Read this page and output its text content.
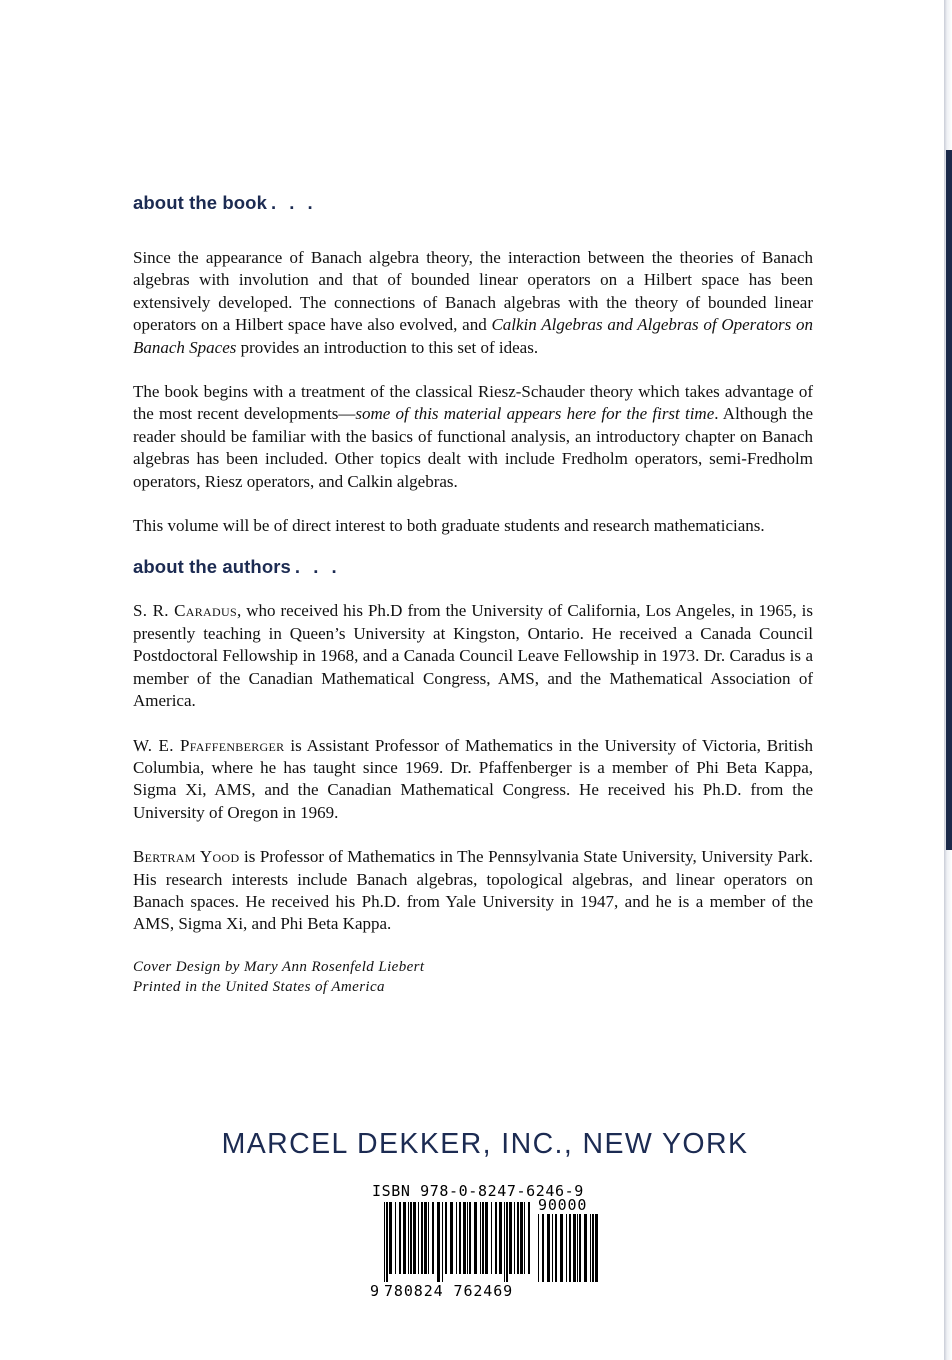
about the book . . .

Since the appearance of Banach algebra theory, the interaction between the theories of Banach algebras with involution and that of bounded linear operators on a Hilbert space has been extensively developed. The connections of Banach algebras with the theory of bounded linear operators on a Hilbert space have also evolved, and Calkin Algebras and Algebras of Operators on Banach Spaces provides an introduction to this set of ideas.

The book begins with a treatment of the classical Riesz-Schauder theory which takes advantage of the most recent developments—some of this material appears here for the first time. Although the reader should be familiar with the basics of functional analysis, an introductory chapter on Banach algebras has been included. Other topics dealt with include Fredholm operators, semi-Fredholm operators, Riesz operators, and Calkin algebras.

This volume will be of direct interest to both graduate students and research mathematicians.

about the authors . . .

S. R. Caradus, who received his Ph.D from the University of California, Los Angeles, in 1965, is presently teaching in Queen’s University at Kingston, Ontario. He received a Canada Council Postdoctoral Fellowship in 1968, and a Canada Council Leave Fellowship in 1973. Dr. Caradus is a member of the Canadian Mathematical Congress, AMS, and the Mathematical Association of America.

W. E. Pfaffenberger is Assistant Professor of Mathematics in the University of Victoria, British Columbia, where he has taught since 1969. Dr. Pfaffenberger is a member of Phi Beta Kappa, Sigma Xi, AMS, and the Canadian Mathematical Congress. He received his Ph.D. from the University of Oregon in 1969.

Bertram Yood is Professor of Mathematics in The Pennsylvania State University, University Park. His research interests include Banach algebras, topological algebras, and linear operators on Banach spaces. He received his Ph.D. from Yale University in 1947, and he is a member of the AMS, Sigma Xi, and Phi Beta Kappa.

Cover Design by Mary Ann Rosenfeld Liebert

Printed in the United States of America

MARCEL DEKKER, INC., NEW YORK
ISBN 978-0-8247-6246-9
90000
9 780824 762469
